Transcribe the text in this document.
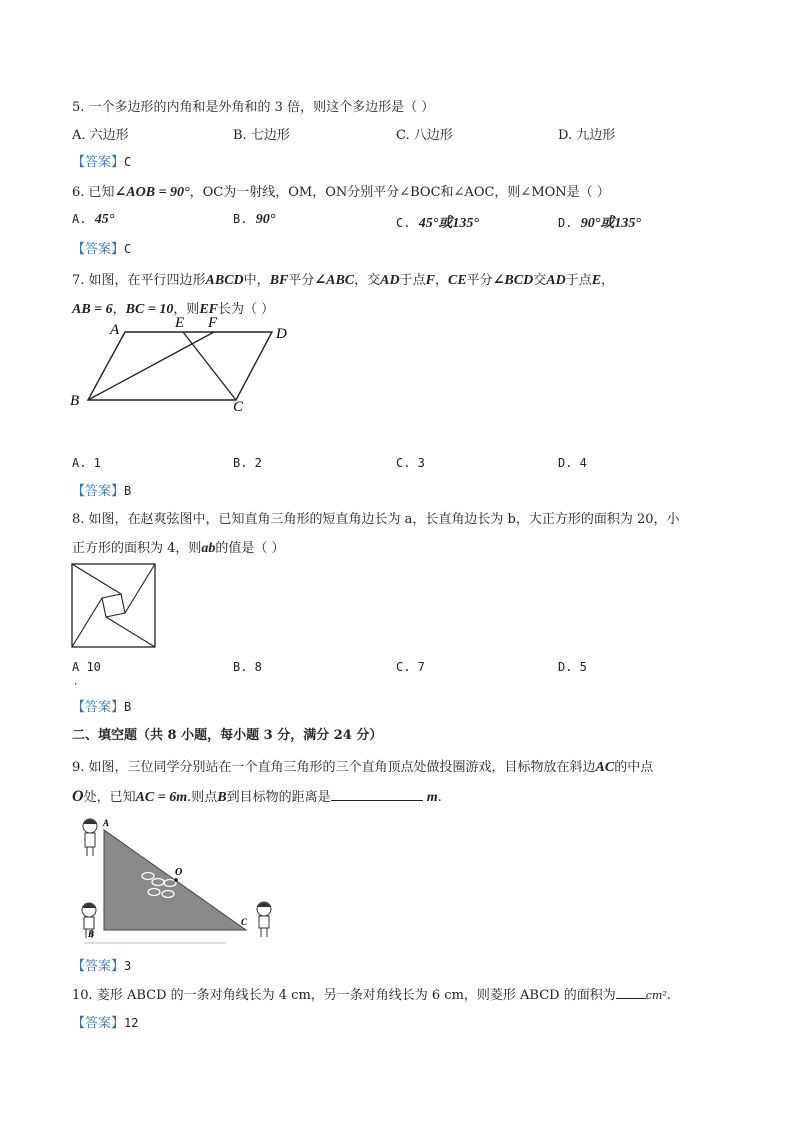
5. 一个多边形的内角和是外角和的 3 倍，则这个多边形是（ ）
A. 六边形	B. 七边形	C. 八边形	D. 九边形
【答案】C
6. 已知∠AOB = 90°，OC为一射线，OM，ON分别平分∠BOC和∠AOC，则∠MON是（ ）
A. 45°	B. 90°	C. 45°或135°	D. 90°或135°
【答案】C
7. 如图，在平行四边形ABCD中，BF平分∠ABC，交AD于点F，CE平分∠BCD交AD于点E，
AB = 6，BC = 10，则EF长为（ ）
A
B	C
D
E F
A. 1	B. 2	C. 3	D. 4
【答案】B
8. 如图，在赵爽弦图中，已知直角三角形的短直角边长为 a，长直角边长为 b，大正方形的面积为 20，小
正方形的面积为 4，则ab的值是（ ）
A 10	B. 8	C. 7	D. 5
．
【答案】B
二、填空题（共 8 小题，每小题 3 分，满分 24 分）
9. 如图，三位同学分别站在一个直角三角形的三个直角顶点处做投圈游戏，目标物放在斜边AC的中点
O处，已知AC = 6m.则点B到目标物的距离是	m.
O
A
B
C
【答案】3
10. 菱形 ABCD 的一条对角线长为 4 cm，另一条对角线长为 6 cm，则菱形 ABCD 的面积为	cm².
【答案】12
